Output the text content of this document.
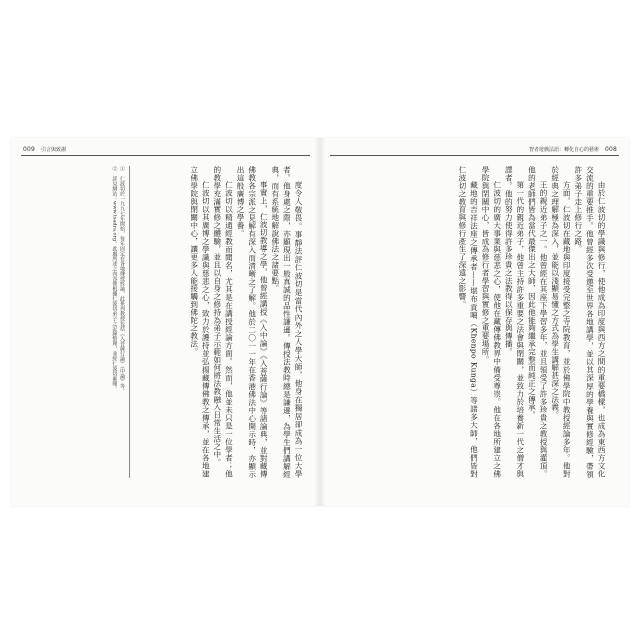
009 引言與致謝
度令人敬畏。事靜法評仁波切是當代內外之人學大師，他身在獨居卻成為一位大學者。他身處之際，亦顯現出一般真誠的品性謙遜。傳授法教時總是謙遜，為學生們講解經典，而有系統地解說佛法之諸要點。
事實上，仁波切教導之學，他曾經講授《入中論》《入菩薩行論》等諸論典，並對藏傳佛教各宗派之見解有深入而清晰之了解。他於二〇一一年在香港佛法中心開示時，亦顯示出這般廣博之學養。
仁波切以精通經教而聞名，尤其是在講授經論方面。然而，他並未只是一位學者；他的教學充滿實修之體驗，並且以自身之修持為弟子示範如何將法教融入日常生活之中。
仁波切以其廣博之學識與慈悲之心，致力於護持並弘揚藏傳佛教之傳承，並在各地建立佛學院與閉關中心，讓更多人能接觸到佛陀之教法。
①　仁波切於一九九七年開始，每年固定在各地傳授經論，此系列教授包括《入菩薩行論》《中論》等。
②　詳見網站：www.tsadra.org。此處所述之內容係根據仁波切弟子之記錄整理，並經仁波切審閱。
008
智者遊戲法語：轉化自心的藝術
由於仁波切的學識與修行，使他成為印度與西方之間的重要橋樑，也成為東西方文化交流的重要推手。他曾經多次受邀至世界各地講學，並以其深厚的學養與實修經驗，帶領許多弟子走上修行之路。
方面，仁波切在藏地與印度接受完整之寺院教育，並於佛學院中教授經論多年。他對於經典之理解極為深入，並能以淺顯易懂之方式為學生講解甚深之法義。
王的親近弟子之一。他曾經在其座下學習多年，並且領受了許多珍貴之教授與灌頂。他的老師們皆為當代最傑出之大師，因此他能夠繼承完整而純正之傳承。
第一代的親近弟子，他曾主持許多重要之法會與閉關，並致力於培養新一代之僧才與譯者。他的努力使得許多珍貴之法教得以保存與傳播。
仁波切的廣大事業與慈悲之心，使他在藏傳佛教界中備受尊崇。他在各地所建立之佛學院與閉關中心，皆成為修行者學習與實修之重要場所。
藏地的吉祥法座之傳承者——堪布貢噶（Khenpo Kunga）等諸多大師，他們皆對仁波切之教育與修行產生了深遠之影響。
